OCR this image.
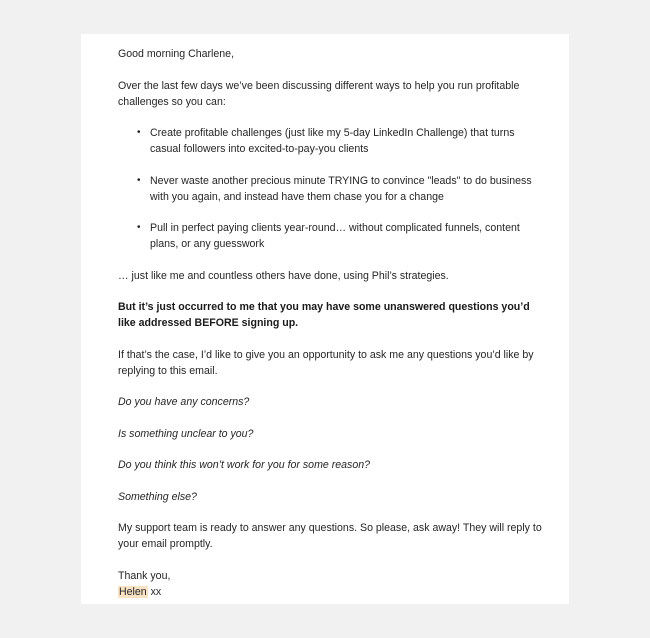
Good morning Charlene,

Over the last few days we’ve been discussing different ways to help you run profitable challenges so you can:

• Create profitable challenges (just like my 5-day LinkedIn Challenge) that turns casual followers into excited-to-pay-you clients
• Never waste another precious minute TRYING to convince "leads" to do business with you again, and instead have them chase you for a change
• Pull in perfect paying clients year-round… without complicated funnels, content plans, or any guesswork

… just like me and countless others have done, using Phil’s strategies.

But it’s just occurred to me that you may have some unanswered questions you’d like addressed BEFORE signing up.

If that’s the case, I’d like to give you an opportunity to ask me any questions you’d like by replying to this email.

Do you have any concerns?

Is something unclear to you?

Do you think this won’t work for you for some reason?

Something else?

My support team is ready to answer any questions. So please, ask away! They will reply to your email promptly.

Thank you,

Helen xx
